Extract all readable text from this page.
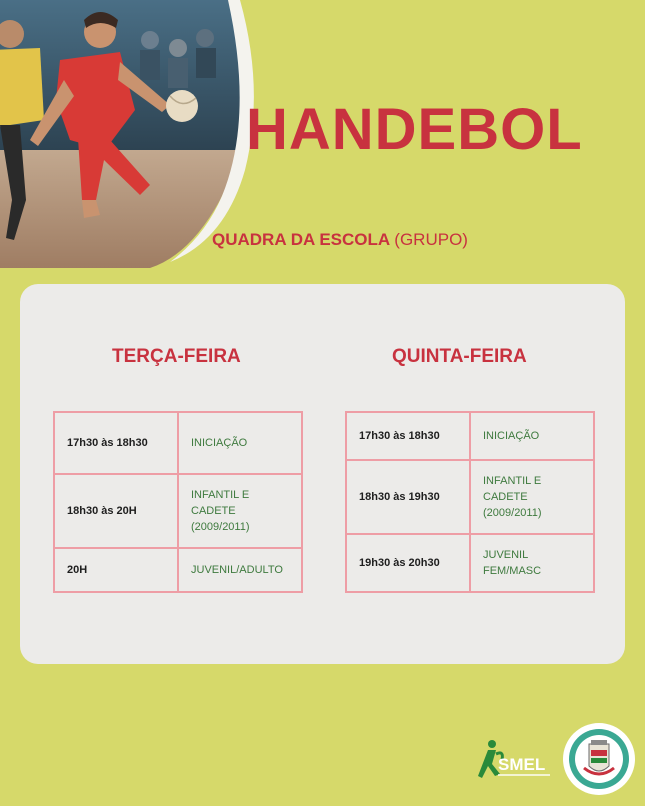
HANDEBOL
QUADRA DA ESCOLA (GRUPO)
TERÇA-FEIRA
17h30 às 18h30	INICIAÇÃO
18h30 às 20H	INFANTIL E CADETE (2009/2011)
20H	JUVENIL/ADULTO
QUINTA-FEIRA
17h30 às 18h30	INICIAÇÃO
18h30 às 19h30	INFANTIL E CADETE (2009/2011)
19h30 às 20h30	JUVENIL FEM/MASC
SMEL
